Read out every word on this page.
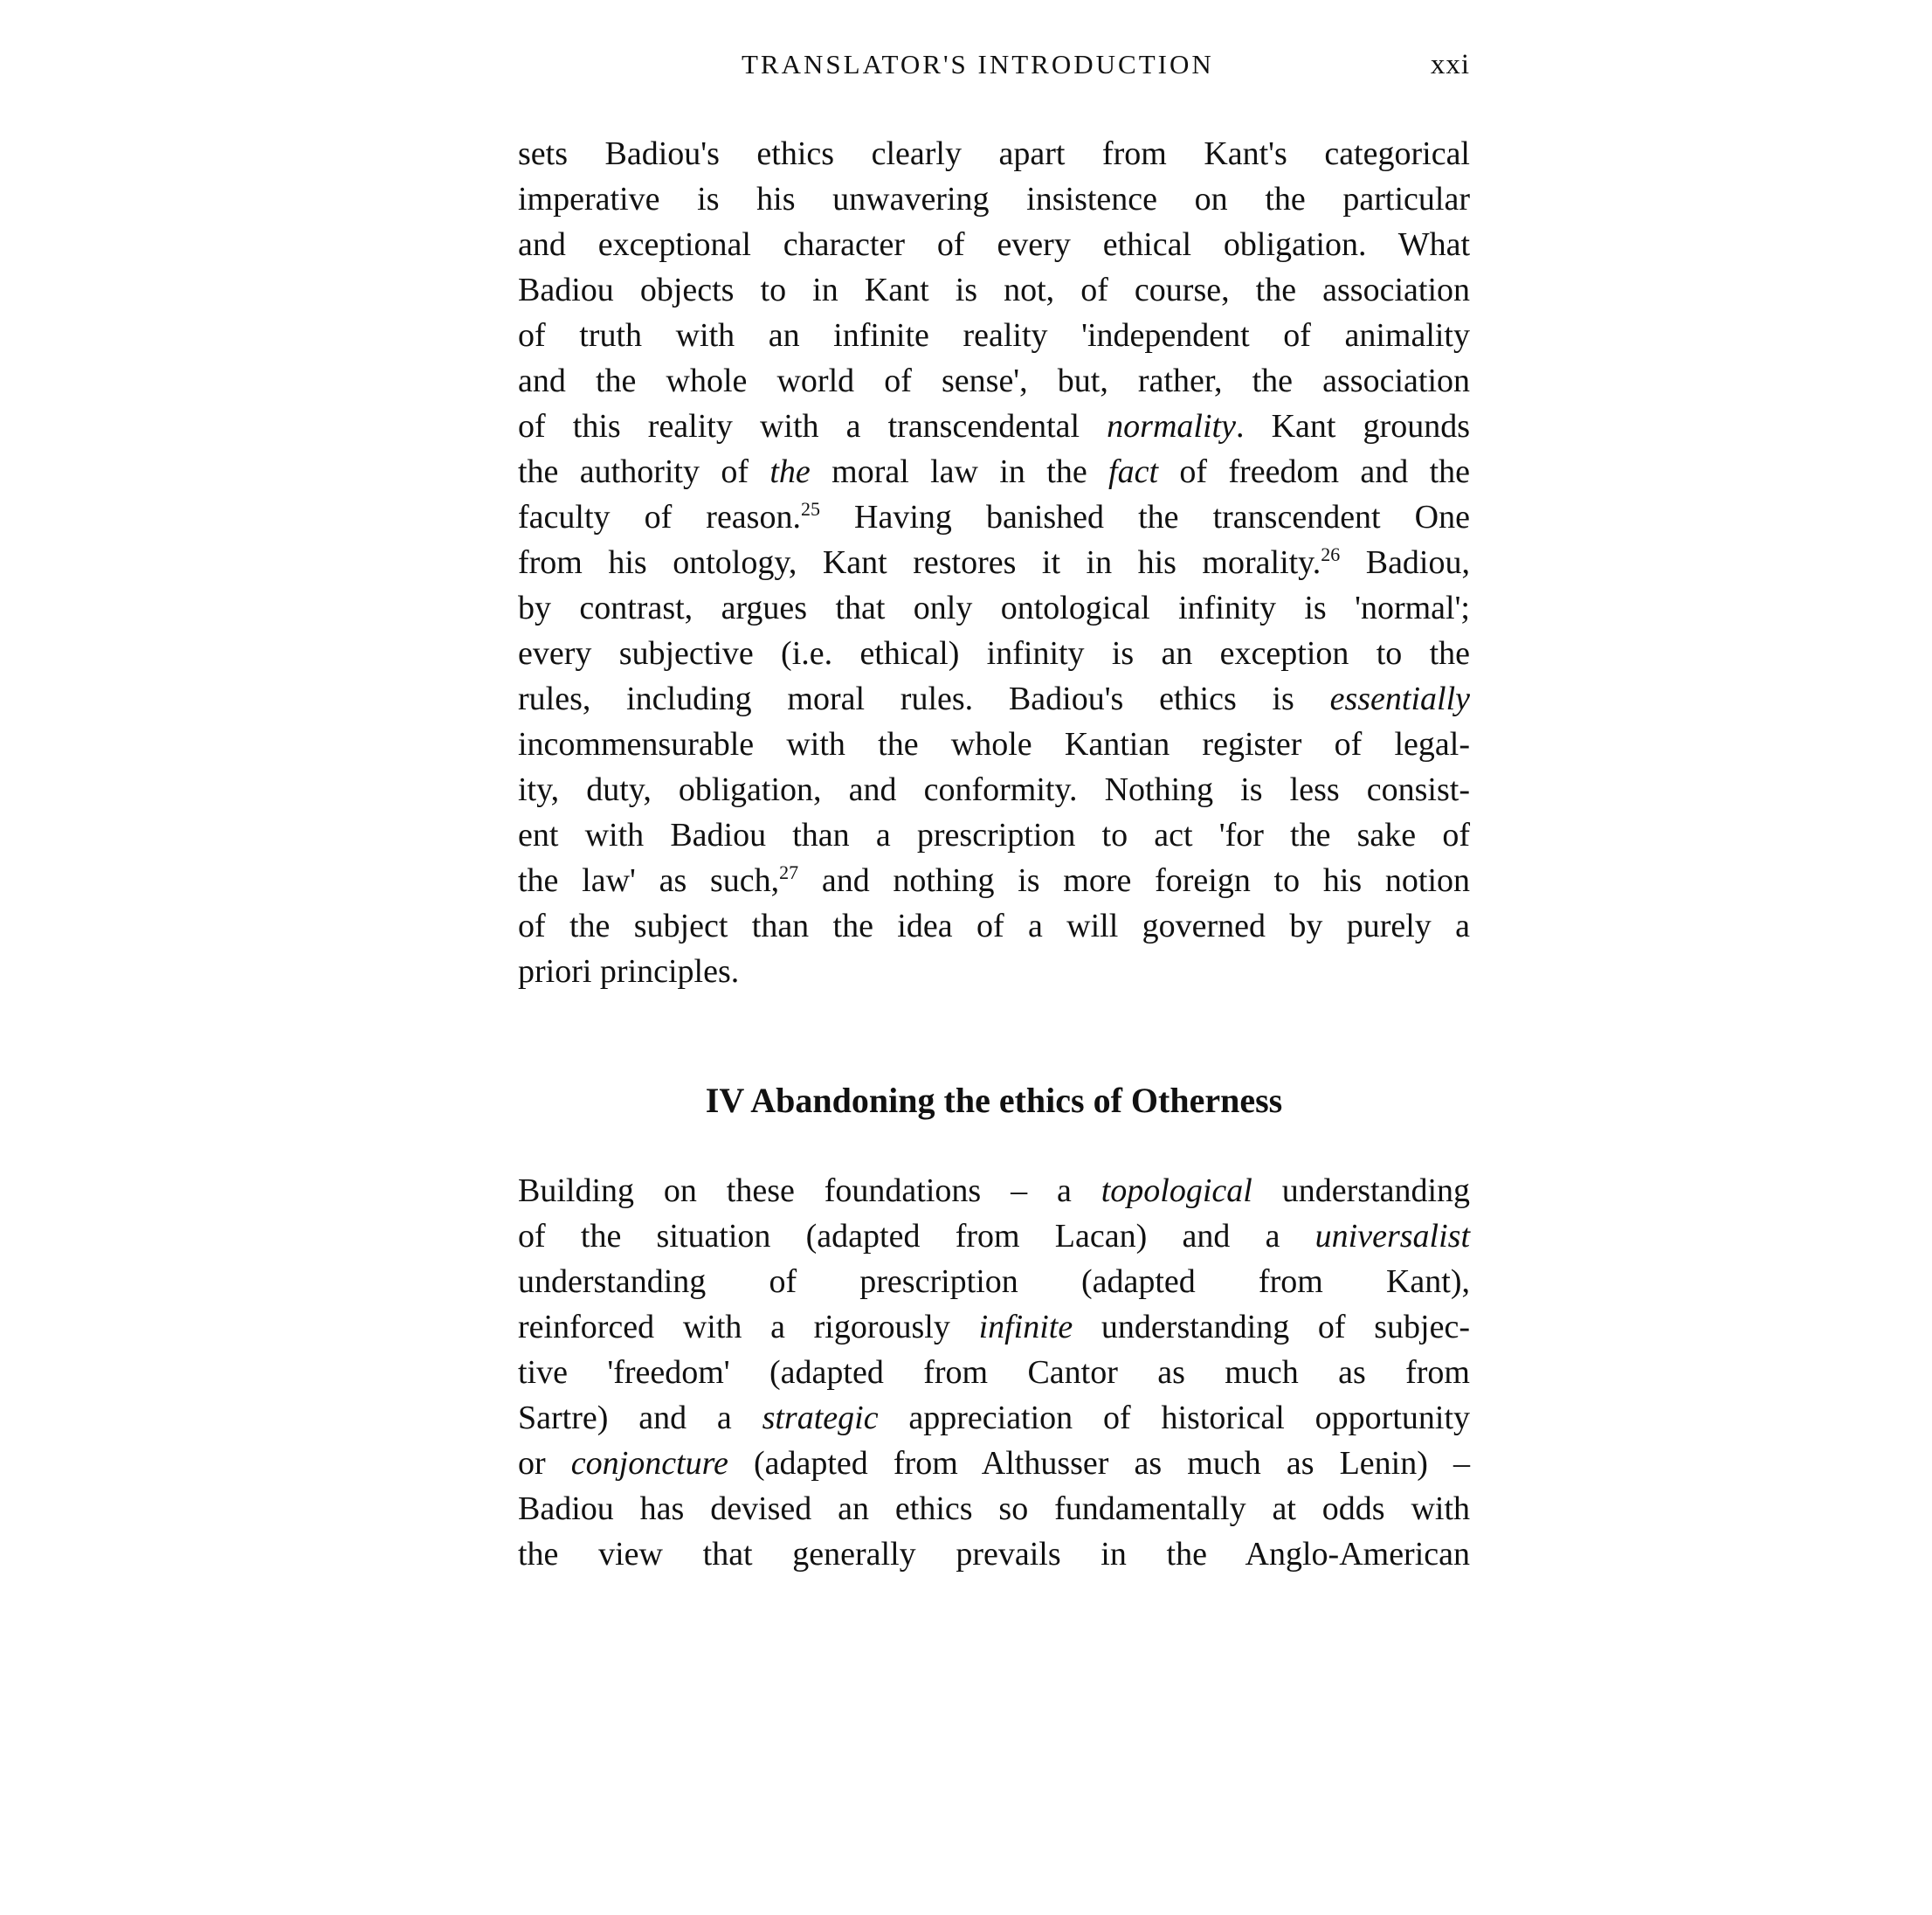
TRANSLATOR'S INTRODUCTION	xxi
sets Badiou's ethics clearly apart from Kant's categorical
imperative is his unwavering insistence on the particular
and exceptional character of every ethical obligation. What
Badiou objects to in Kant is not, of course, the association
of truth with an infinite reality 'independent of animality
and the whole world of sense', but, rather, the association
of this reality with a transcendental normality. Kant grounds
the authority of the moral law in the fact of freedom and the
faculty of reason.$^{25}$ Having banished the transcendent One
from his ontology, Kant restores it in his morality.$^{26}$ Badiou,
by contrast, argues that only ontological infinity is 'normal';
every subjective (i.e. ethical) infinity is an exception to the
rules, including moral rules. Badiou's ethics is essentially
incommensurable with the whole Kantian register of legal-
ity, duty, obligation, and conformity. Nothing is less consist-
ent with Badiou than a prescription to act 'for the sake of
the law' as such,$^{27}$ and nothing is more foreign to his notion
of the subject than the idea of a will governed by purely a
priori principles.
IV Abandoning the ethics of Otherness
Building on these foundations – a topological understanding
of the situation (adapted from Lacan) and a universalist
understanding of prescription (adapted from Kant),
reinforced with a rigorously infinite understanding of subjec-
tive 'freedom' (adapted from Cantor as much as from
Sartre) and a strategic appreciation of historical opportunity
or conjoncture (adapted from Althusser as much as Lenin) –
Badiou has devised an ethics so fundamentally at odds with
the view that generally prevails in the Anglo-American
